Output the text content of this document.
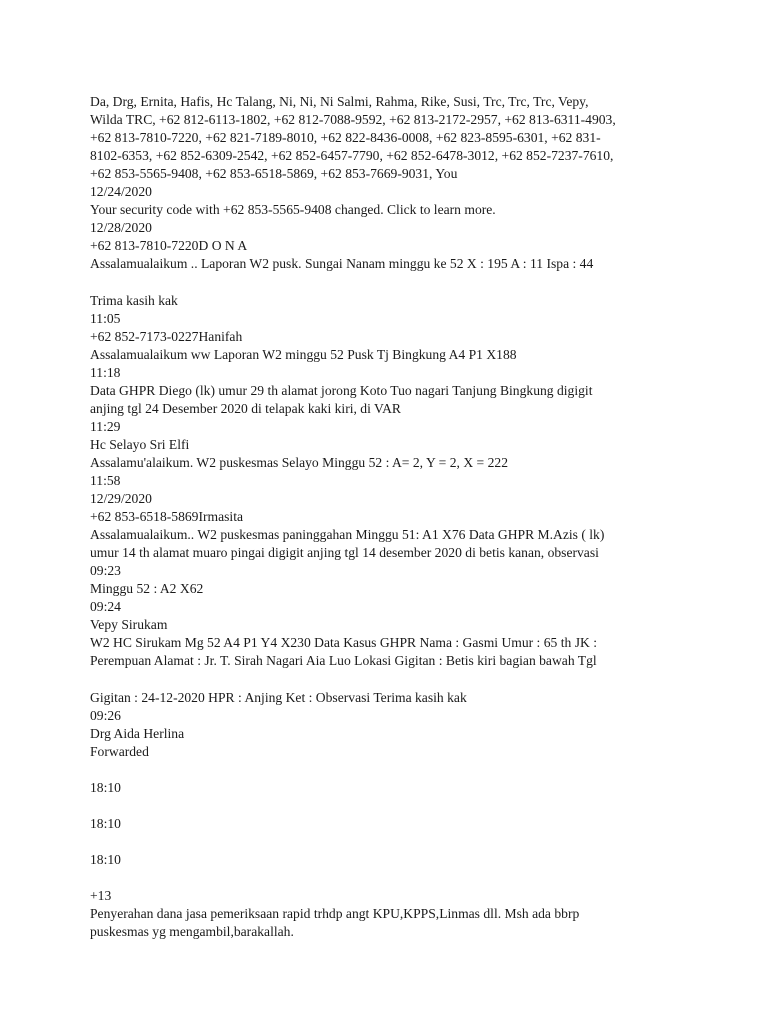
Da, Drg, Ernita, Hafis, Hc Talang, Ni, Ni, Ni Salmi, Rahma, Rike, Susi, Trc, Trc, Trc, Vepy,
Wilda TRC, +62 812-6113-1802, +62 812-7088-9592, +62 813-2172-2957, +62 813-6311-4903,
+62 813-7810-7220, +62 821-7189-8010, +62 822-8436-0008, +62 823-8595-6301, +62 831-
8102-6353, +62 852-6309-2542, +62 852-6457-7790, +62 852-6478-3012, +62 852-7237-7610,
+62 853-5565-9408, +62 853-6518-5869, +62 853-7669-9031, You
12/24/2020
Your security code with +62 853-5565-9408 changed. Click to learn more.
12/28/2020
+62 813-7810-7220D O N A
Assalamualaikum .. Laporan W2 pusk. Sungai Nanam minggu ke 52 X : 195 A : 11 Ispa : 44
Trima kasih kak
11:05
+62 852-7173-0227Hanifah
Assalamualaikum ww Laporan W2 minggu 52 Pusk Tj Bingkung A4 P1 X188
11:18
Data GHPR Diego (lk) umur 29 th alamat jorong Koto Tuo nagari Tanjung Bingkung digigit
anjing tgl 24 Desember 2020 di telapak kaki kiri, di VAR
11:29
Hc Selayo Sri Elfi
Assalamu'alaikum. W2 puskesmas Selayo Minggu 52 : A= 2, Y = 2, X = 222
11:58
12/29/2020
+62 853-6518-5869Irmasita
Assalamualaikum.. W2 puskesmas paninggahan Minggu 51: A1 X76 Data GHPR M.Azis ( lk)
umur 14 th alamat muaro pingai digigit anjing tgl 14 desember 2020 di betis kanan, observasi
09:23
Minggu 52 : A2 X62
09:24
Vepy Sirukam
W2 HC Sirukam Mg 52 A4 P1 Y4 X230 Data Kasus GHPR Nama : Gasmi Umur : 65 th JK :
Perempuan Alamat : Jr. T. Sirah Nagari Aia Luo Lokasi Gigitan : Betis kiri bagian bawah Tgl
Gigitan : 24-12-2020 HPR : Anjing Ket : Observasi Terima kasih kak
09:26
Drg Aida Herlina
Forwarded
18:10
18:10
18:10
+13
Penyerahan dana jasa pemeriksaan rapid trhdp angt KPU,KPPS,Linmas dll. Msh ada bbrp
puskesmas yg mengambil,barakallah.
